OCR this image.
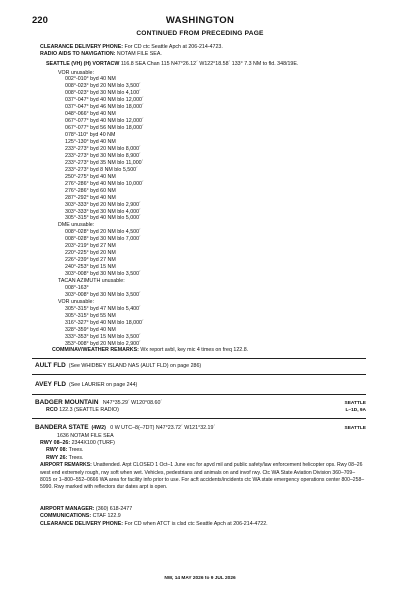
220	WASHINGTON
CONTINUED FROM PRECEDING PAGE
CLEARANCE DELIVERY PHONE: For CD ctc Seattle Apch at 206-214-4723.
RADIO AIDS TO NAVIGATION: NOTAM FILE SEA.
SEATTLE (VH) (H) VORTACW 116.8 SEA Chan 115 N47°26.12´ W122°18.58´ 133° 7.3 NM to fld. 348/19E.
VOR unusable:
002°-010° byd 40 NM
008°-023° byd 20 NM blo 3,500´
008°-023° byd 30 NM blo 4,100´
037°-047° byd 40 NM blo 12,000´
037°-047° byd 46 NM blo 18,000´
048°-066° byd 40 NM
067°-077° byd 40 NM blo 12,000´
067°-077° byd 56 NM blo 18,000´
078°-110° byd 40 NM
125°-130° byd 40 NM
233°-273° byd 20 NM blo 8,000´
233°-273° byd 30 NM blo 8,900´
233°-273° byd 35 NM blo 11,000´
233°-273° byd 8 NM blo 5,500´
250°-275° byd 40 NM
276°-286° byd 40 NM blo 10,000´
276°-286° byd 60 NM
287°-292° byd 40 NM
303°-333° byd 20 NM blo 2,900´
303°-333° byd 30 NM blo 4,000´
305°-315° byd 40 NM blo 5,000´
DME unusable:
008°-028° byd 20 NM blo 4,500´
008°-028° byd 30 NM blo 7,000´
203°-219° byd 27 NM
220°-225° byd 20 NM
226°-239° byd 27 NM
240°-253° byd 15 NM
303°-008° byd 30 NM blo 3,500´
TACAN AZIMUTH unusable:
008°-163°
303°-008° byd 30 NM blo 3,500´
VOR unusable:
305°-315° byd 47 NM blo 5,400´
305°-315° byd 55 NM
316°-327° byd 40 NM blo 18,000´
328°-359° byd 40 NM
333°-353° byd 15 NM blo 3,500´
353°-008° byd 20 NM blo 2,900´
COMM/NAV/WEATHER REMARKS: Wx report avbl, key mic 4 times on freq 122.8.
AULT FLD (See WHIDBEY ISLAND NAS (AULT FLD) on page 286)
AVEY FLD (See LAURIER on page 244)
BADGER MOUNTAIN N47°35.29´ W120°08.60´
RCO 122.3 (SEATTLE RADIO)
SEATTLE
L–1D, 9A
BANDERA STATE (4W2) 0 W UTC–8(–7DT) N47°23.72´ W121°32.19´	SEATTLE
1636 NOTAM FILE SEA
RWY 08–26: 2344X100 (TURF)
RWY 08: Trees.
RWY 26: Trees.
AIRPORT REMARKS: Unattended. Arpt CLOSED 1 Oct–1 June exc for apvd mil and public safety/law enforcement helicopter ops. Rwy 08–26 west end extremely rough, rwy soft when wet. Vehicles, pedestrians and animals on and invof rwy. Ctc WA State Aviation Division 360–709–8015 or 1–800–552–0666 WA area for facility info prior to use. For acft accidents/incidents ctc WA state emergency operations center 800–258–5990. Rwy marked with reflectors dur dates arpt is open.
AIRPORT MANAGER: (360) 618-2477
COMMUNICATIONS: CTAF 122.9
CLEARANCE DELIVERY PHONE: For CD when ATCT is clsd ctc Seattle Apch at 206-214-4722.
NW, 14 MAY 2026 to 9 JUL 2026
